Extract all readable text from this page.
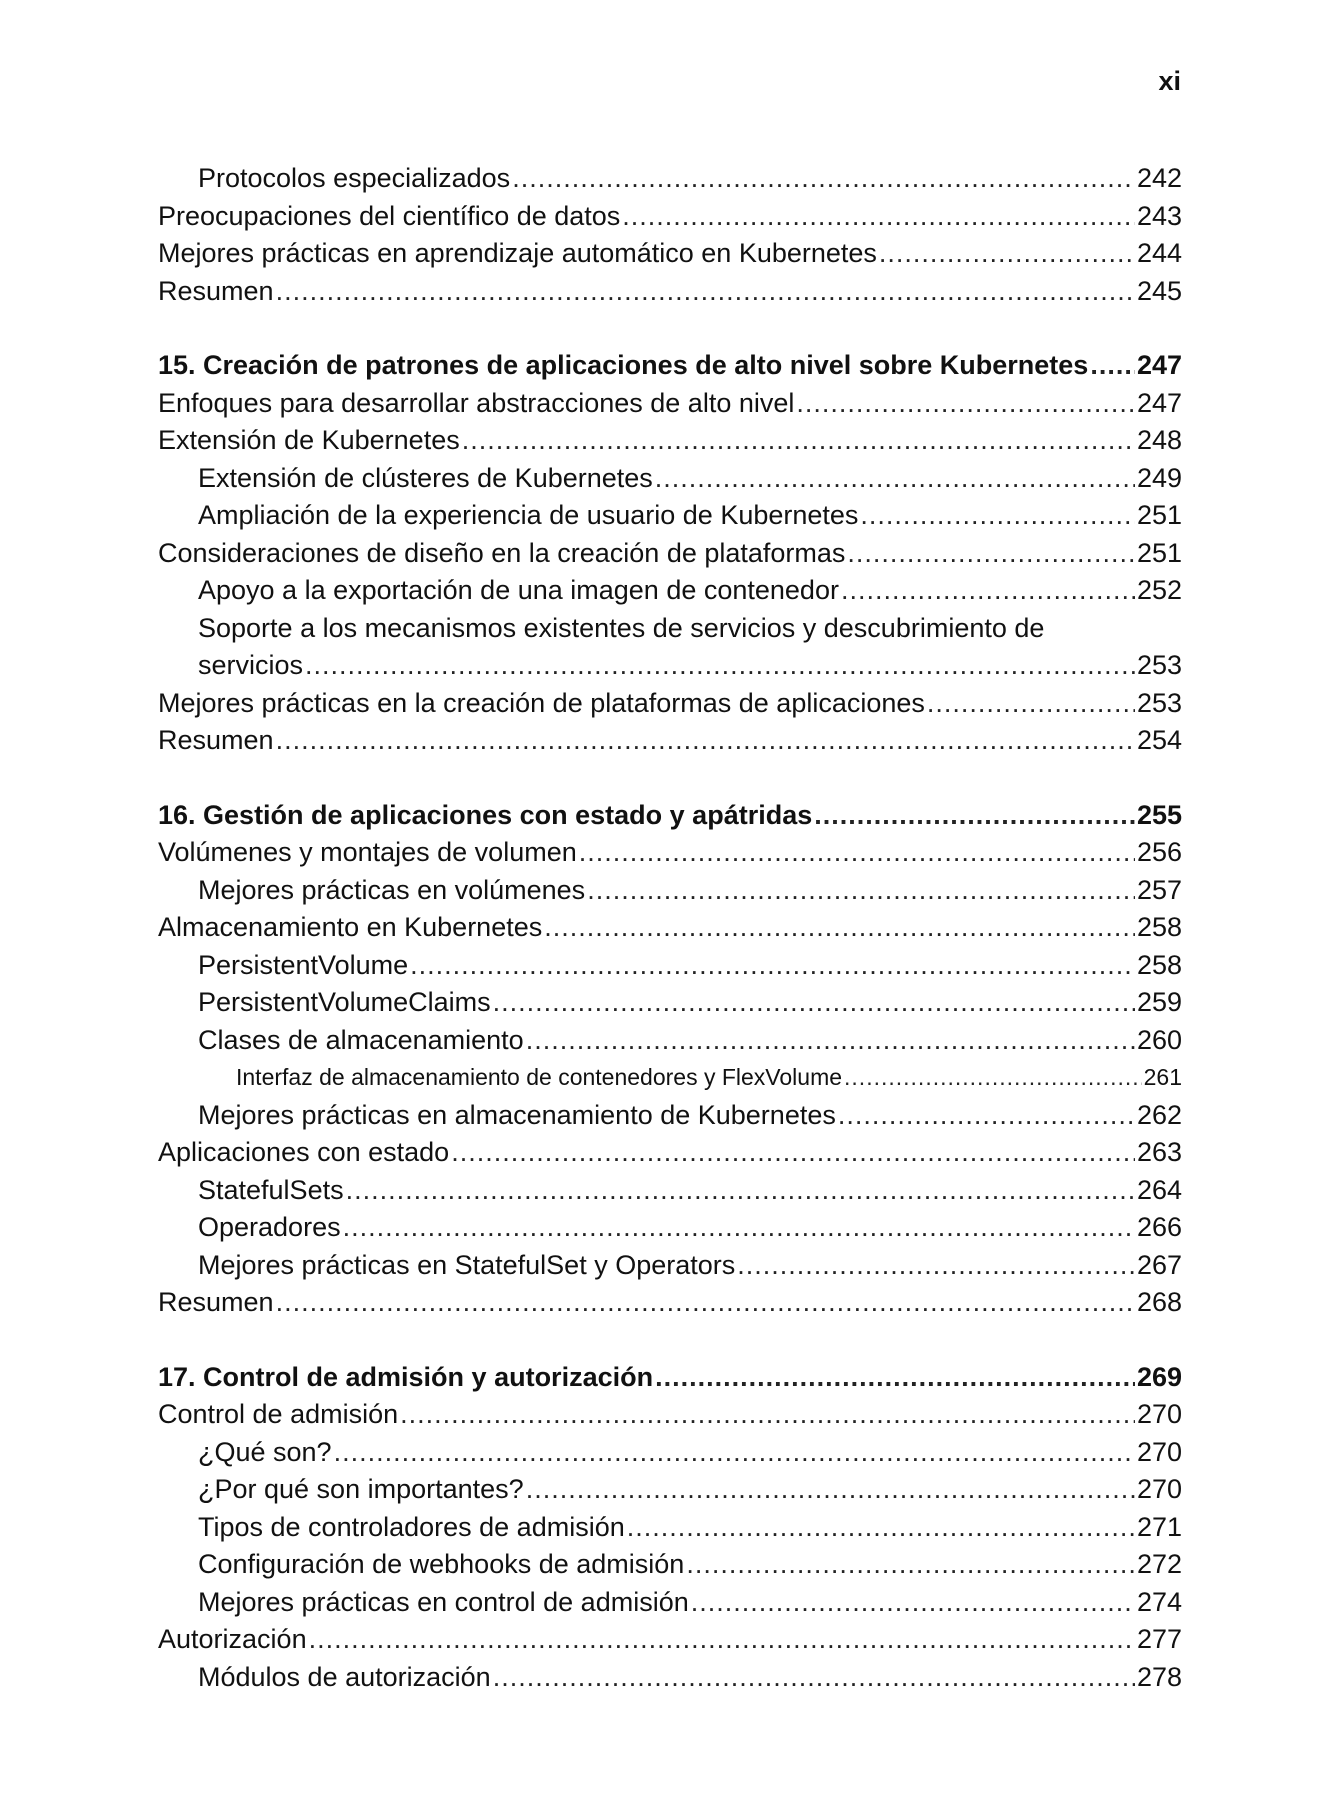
xi
Protocolos especializados .....	242
Preocupaciones del científico de datos .....	243
Mejores prácticas en aprendizaje automático en Kubernetes .....	244
Resumen .....	245
15. Creación de patrones de aplicaciones de alto nivel sobre Kubernetes ..... 247
Enfoques para desarrollar abstracciones de alto nivel .....	247
Extensión de Kubernetes .....	248
Extensión de clústeres de Kubernetes .....	249
Ampliación de la experiencia de usuario de Kubernetes .....	251
Consideraciones de diseño en la creación de plataformas .....	251
Apoyo a la exportación de una imagen de contenedor .....	252
Soporte a los mecanismos existentes de servicios y descubrimiento de
servicios .....	253
Mejores prácticas en la creación de plataformas de aplicaciones .....	253
Resumen .....	254
16. Gestión de aplicaciones con estado y apátridas .....	255
Volúmenes y montajes de volumen .....	256
Mejores prácticas en volúmenes .....	257
Almacenamiento en Kubernetes .....	258
PersistentVolume .....	258
PersistentVolumeClaims .....	259
Clases de almacenamiento .....	260
Interfaz de almacenamiento de contenedores y FlexVolume .....	261
Mejores prácticas en almacenamiento de Kubernetes .....	262
Aplicaciones con estado .....	263
StatefulSets .....	264
Operadores .....	266
Mejores prácticas en StatefulSet y Operators .....	267
Resumen .....	268
17. Control de admisión y autorización .....	269
Control de admisión .....	270
¿Qué son? .....	270
¿Por qué son importantes? .....	270
Tipos de controladores de admisión .....	271
Configuración de webhooks de admisión .....	272
Mejores prácticas en control de admisión .....	274
Autorización .....	277
Módulos de autorización .....	278
